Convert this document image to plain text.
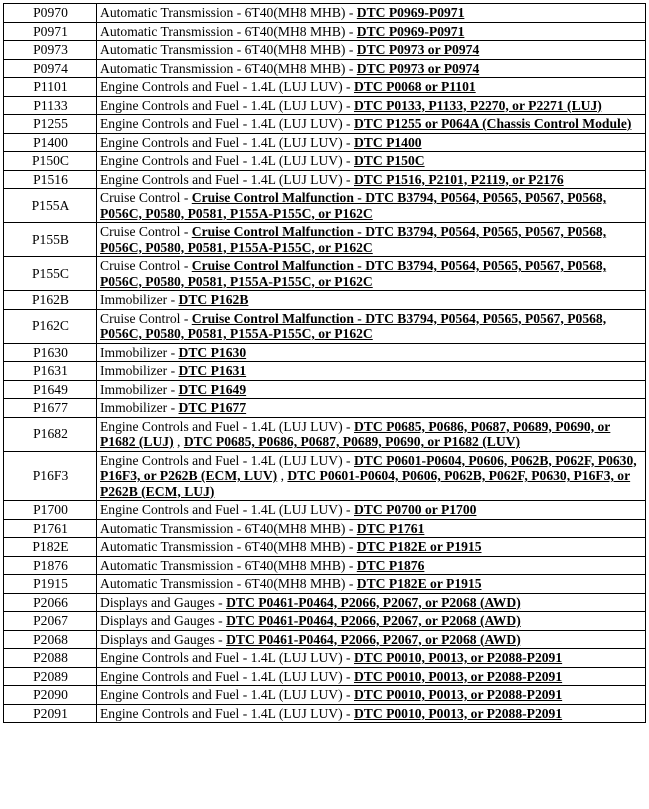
P0970	Automatic Transmission - 6T40(MH8 MHB) - DTC P0969-P0971
P0971	Automatic Transmission - 6T40(MH8 MHB) - DTC P0969-P0971
P0973	Automatic Transmission - 6T40(MH8 MHB) - DTC P0973 or P0974
P0974	Automatic Transmission - 6T40(MH8 MHB) - DTC P0973 or P0974
P1101	Engine Controls and Fuel - 1.4L (LUJ LUV) - DTC P0068 or P1101
P1133	Engine Controls and Fuel - 1.4L (LUJ LUV) - DTC P0133, P1133, P2270, or P2271 (LUJ)
P1255	Engine Controls and Fuel - 1.4L (LUJ LUV) - DTC P1255 or P064A (Chassis Control Module)
P1400	Engine Controls and Fuel - 1.4L (LUJ LUV) - DTC P1400
P150C	Engine Controls and Fuel - 1.4L (LUJ LUV) - DTC P150C
P1516	Engine Controls and Fuel - 1.4L (LUJ LUV) - DTC P1516, P2101, P2119, or P2176
P155A	Cruise Control - Cruise Control Malfunction - DTC B3794, P0564, P0565, P0567, P0568, P056C, P0580, P0581, P155A-P155C, or P162C
P155B	Cruise Control - Cruise Control Malfunction - DTC B3794, P0564, P0565, P0567, P0568, P056C, P0580, P0581, P155A-P155C, or P162C
P155C	Cruise Control - Cruise Control Malfunction - DTC B3794, P0564, P0565, P0567, P0568, P056C, P0580, P0581, P155A-P155C, or P162C
P162B	Immobilizer - DTC P162B
P162C	Cruise Control - Cruise Control Malfunction - DTC B3794, P0564, P0565, P0567, P0568, P056C, P0580, P0581, P155A-P155C, or P162C
P1630	Immobilizer - DTC P1630
P1631	Immobilizer - DTC P1631
P1649	Immobilizer - DTC P1649
P1677	Immobilizer - DTC P1677
P1682	Engine Controls and Fuel - 1.4L (LUJ LUV) - DTC P0685, P0686, P0687, P0689, P0690, or P1682 (LUJ) , DTC P0685, P0686, P0687, P0689, P0690, or P1682 (LUV)
P16F3	Engine Controls and Fuel - 1.4L (LUJ LUV) - DTC P0601-P0604, P0606, P062B, P062F, P0630, P16F3, or P262B (ECM, LUV) , DTC P0601-P0604, P0606, P062B, P062F, P0630, P16F3, or P262B (ECM, LUJ)
P1700	Engine Controls and Fuel - 1.4L (LUJ LUV) - DTC P0700 or P1700
P1761	Automatic Transmission - 6T40(MH8 MHB) - DTC P1761
P182E	Automatic Transmission - 6T40(MH8 MHB) - DTC P182E or P1915
P1876	Automatic Transmission - 6T40(MH8 MHB) - DTC P1876
P1915	Automatic Transmission - 6T40(MH8 MHB) - DTC P182E or P1915
P2066	Displays and Gauges - DTC P0461-P0464, P2066, P2067, or P2068 (AWD)
P2067	Displays and Gauges - DTC P0461-P0464, P2066, P2067, or P2068 (AWD)
P2068	Displays and Gauges - DTC P0461-P0464, P2066, P2067, or P2068 (AWD)
P2088	Engine Controls and Fuel - 1.4L (LUJ LUV) - DTC P0010, P0013, or P2088-P2091
P2089	Engine Controls and Fuel - 1.4L (LUJ LUV) - DTC P0010, P0013, or P2088-P2091
P2090	Engine Controls and Fuel - 1.4L (LUJ LUV) - DTC P0010, P0013, or P2088-P2091
P2091	Engine Controls and Fuel - 1.4L (LUJ LUV) - DTC P0010, P0013, or P2088-P2091
